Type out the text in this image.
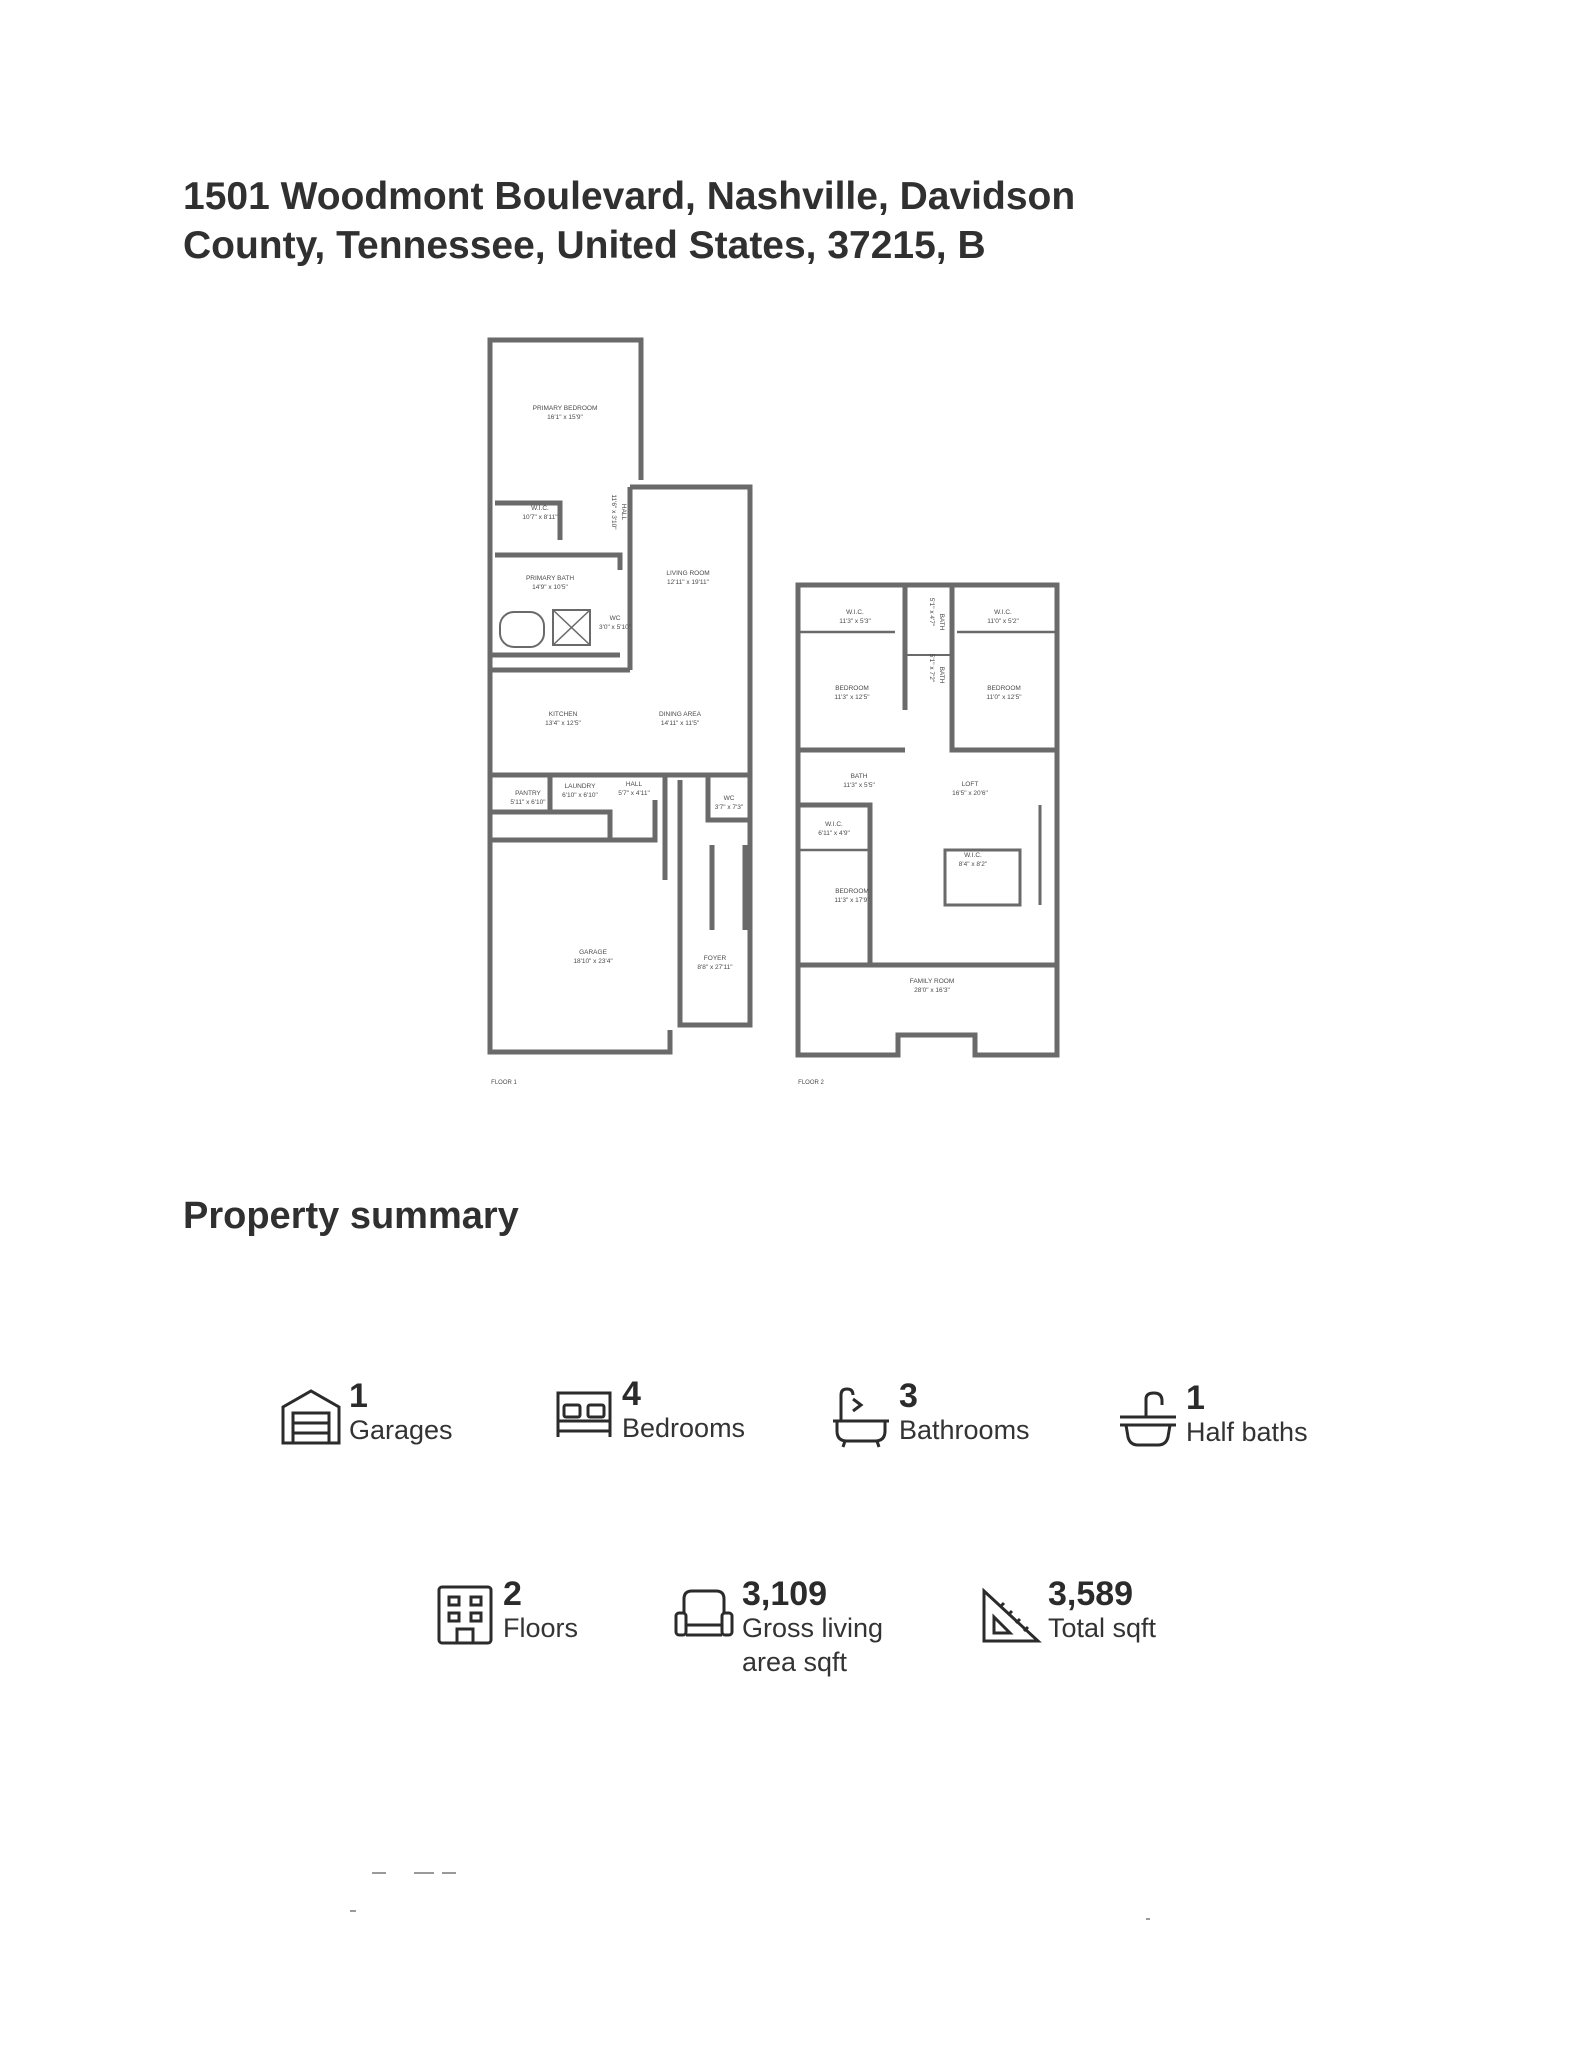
1501 Woodmont Boulevard, Nashville, Davidson
County, Tennessee, United States, 37215, B
PRIMARY BEDROOM
16'1" x 15'9"
W.I.C.
10'7" x 8'11"
PRIMARY BATH
14'9" x 10'5"
WC
3'0" x 5'10"
LIVING ROOM
12'11" x 19'11"
KITCHEN
13'4" x 12'5"
DINING AREA
14'11" x 11'5"
PANTRY
5'11" x 6'10"
LAUNDRY
6'10" x 6'10"
HALL
5'7" x 4'11"
WC
3'7" x 7'3"
GARAGE
18'10" x 23'4"	FOYER
8'8" x 27'11"
11'6" x 3'10" HALL
W.I.C.
11'3" x 5'3"
W.I.C.
11'0" x 5'2"
BEDROOM
11'3" x 12'5"
BEDROOM
11'0" x 12'5"
5'1" x 4'7" BATH
5'1" x 7'2" BATH
BATH
11'3" x 5'5"	LOFT
16'5" x 20'6"
W.I.C.
6'11" x 4'9"
W.I.C.
8'4" x 8'2"
BEDROOM
11'3" x 17'9"
FAMILY ROOM
28'0" x 16'3"
FLOOR 1	FLOOR 2
Property summary
1
Garages
4
Bedrooms
3
Bathrooms
1
Half baths
2
Floors
3,109
Gross living area sqft
3,589
Total sqft
